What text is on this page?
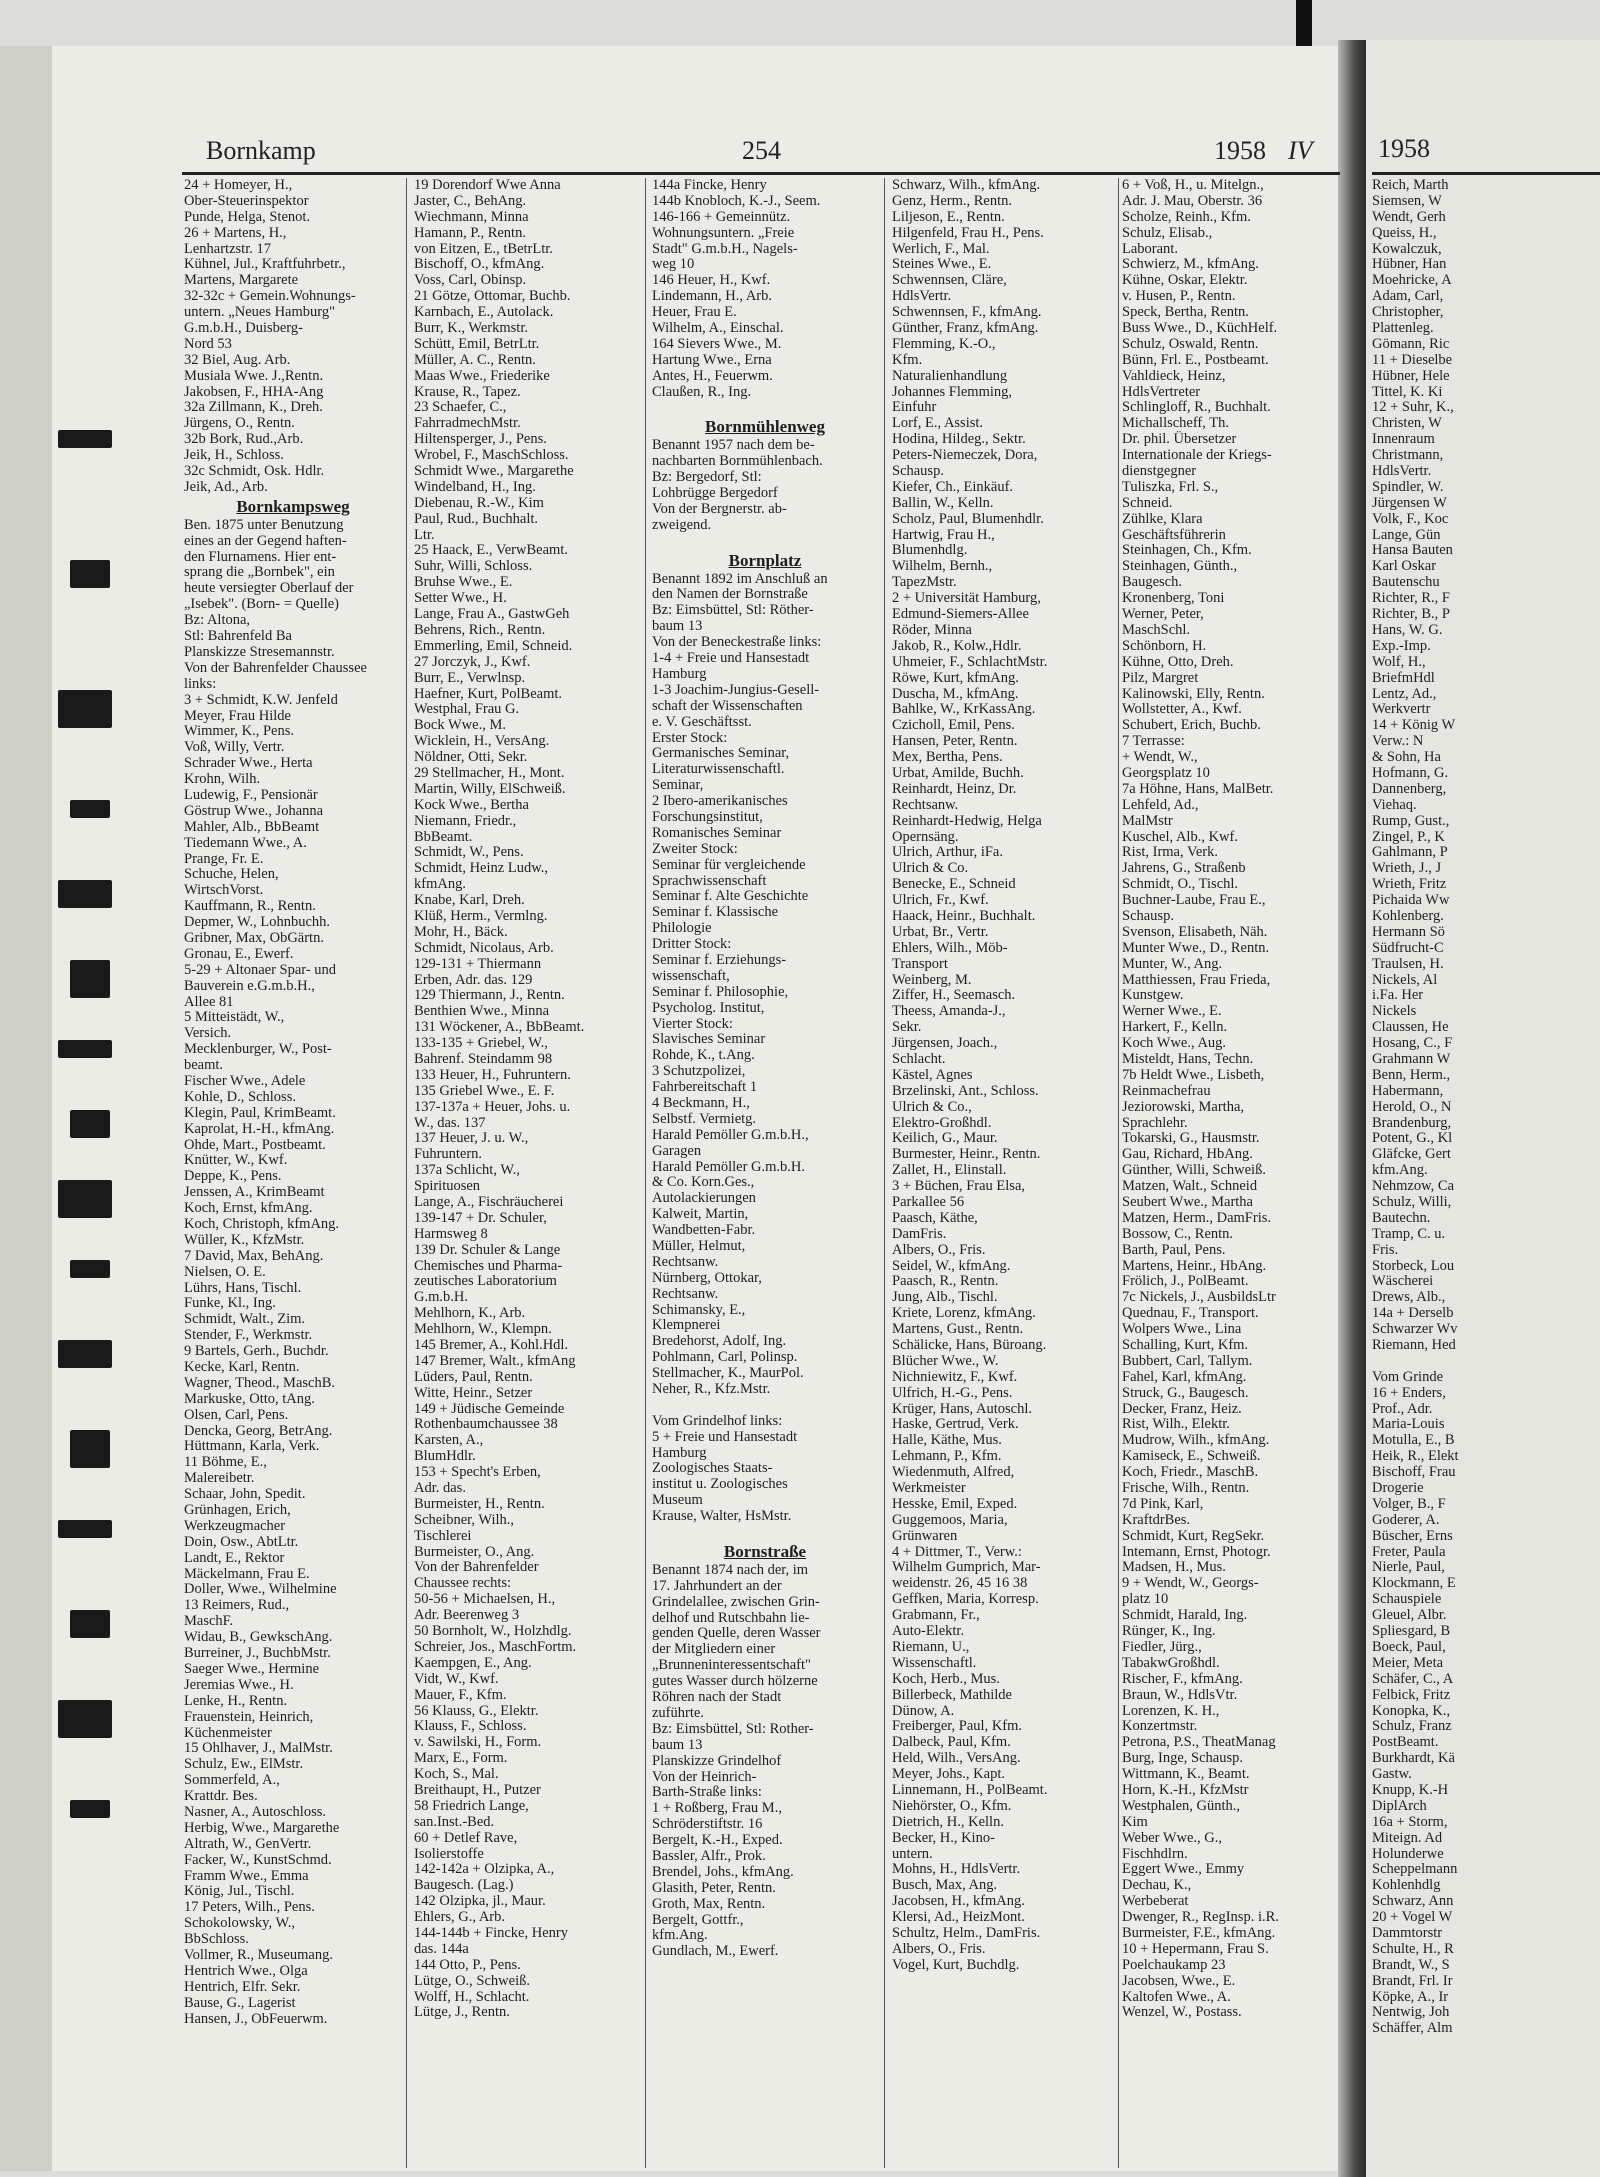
Bornkamp	254	1958 IV
24 + Homeyer, H.,
Ober-Steuerinspektor
Punde, Helga, Stenot.
26 + Martens, H.,
Lenhartzstr. 17
Kühnel, Jul., Kraftfuhrbetr.,
Martens, Margarete
32-32c + Gemein.Wohnungs-
untern. „Neues Hamburg"
G.m.b.H., Duisberg-
Nord 53
32 Biel, Aug. Arb.
Musiala Wwe. J.,Rentn.
Jakobsen, F., HHA-Ang
32a Zillmann, K., Dreh.
Jürgens, O., Rentn.
32b Bork, Rud.,Arb.
Jeik, H., Schloss.
32c Schmidt, Osk. Hdlr.
Jeik, Ad., Arb.
Bornkampsweg
Ben. 1875 unter Benutzung
eines an der Gegend haften-
den Flurnamens. Hier ent-
sprang die „Bornbek", ein
heute versiegter Oberlauf der
„Isebek". (Born- = Quelle)
Bz: Altona,
Stl: Bahrenfeld Ba
Planskizze Stresemannstr.
Von der Bahrenfelder Chaussee
links:
3 + Schmidt, K.W. Jenfeld
Meyer, Frau Hilde
Wimmer, K., Pens.
Voß, Willy, Vertr.
Schrader Wwe., Herta
Krohn, Wilh.
Ludewig, F., Pensionär
Göstrup Wwe., Johanna
Mahler, Alb., BbBeamt
Tiedemann Wwe., A.
Prange, Fr. E.
Schuche, Helen,
WirtschVorst.
Kauffmann, R., Rentn.
Depmer, W., Lohnbuchh.
Gribner, Max, ObGärtn.
Gronau, E., Ewerf.
5-29 + Altonaer Spar- und
Bauverein e.G.m.b.H.,
Allee 81
5 Mitteistädt, W.,
Versich.
Mecklenburger, W., Post-
beamt.
Fischer Wwe., Adele
Kohle, D., Schloss.
Klegin, Paul, KrimBeamt.
Kaprolat, H.-H., kfmAng.
Ohde, Mart., Postbeamt.
Knütter, W., Kwf.
Deppe, K., Pens.
Jenssen, A., KrimBeamt
Koch, Ernst, kfmAng.
Koch, Christoph, kfmAng.
Wüller, K., KfzMstr.
7 David, Max, BehAng.
Nielsen, O. E.
Lührs, Hans, Tischl.
Funke, Kl., Ing.
Schmidt, Walt., Zim.
Stender, F., Werkmstr.
9 Bartels, Gerh., Buchdr.
Kecke, Karl, Rentn.
Wagner, Theod., MaschB.
Markuske, Otto, tAng.
Olsen, Carl, Pens.
Dencka, Georg, BetrAng.
Hüttmann, Karla, Verk.
11 Böhme, E.,
Malereibetr.
Schaar, John, Spedit.
Grünhagen, Erich,
Werkzeugmacher
Doin, Osw., AbtLtr.
Landt, E., Rektor
Mäckelmann, Frau E.
Doller, Wwe., Wilhelmine
13 Reimers, Rud.,
MaschF.
Widau, B., GewkschAng.
Burreiner, J., BuchbMstr.
Saeger Wwe., Hermine
Jeremias Wwe., H.
Lenke, H., Rentn.
Frauenstein, Heinrich,
Küchenmeister
15 Ohlhaver, J., MalMstr.
Schulz, Ew., ElMstr.
Sommerfeld, A.,
Krattdr. Bes.
Nasner, A., Autoschloss.
Herbig, Wwe., Margarethe
Altrath, W., GenVertr.
Facker, W., KunstSchmd.
Framm Wwe., Emma
König, Jul., Tischl.
17 Peters, Wilh., Pens.
Schokolowsky, W.,
BbSchloss.
Vollmer, R., Museumang.
Hentrich Wwe., Olga
Hentrich, Elfr. Sekr.
Bause, G., Lagerist
Hansen, J., ObFeuerwm.
19 Dorendorf Wwe Anna
Jaster, C., BehAng.
Wiechmann, Minna
Hamann, P., Rentn.
von Eitzen, E., tBetrLtr.
Bischoff, O., kfmAng.
Voss, Carl, Obinsp.
21 Götze, Ottomar, Buchb.
Karnbach, E., Autolack.
Burr, K., Werkmstr.
Schütt, Emil, BetrLtr.
Müller, A. C., Rentn.
Maas Wwe., Friederike
Krause, R., Tapez.
23 Schaefer, C.,
FahrradmechMstr.
Hiltensperger, J., Pens.
Wrobel, F., MaschSchloss.
Schmidt Wwe., Margarethe
Windelband, H., Ing.
Diebenau, R.-W., Kim
Paul, Rud., Buchhalt.
Ltr.
25 Haack, E., VerwBeamt.
Suhr, Willi, Schloss.
Bruhse Wwe., E.
Setter Wwe., H.
Lange, Frau A., GastwGeh
Behrens, Rich., Rentn.
Emmerling, Emil, Schneid.
27 Jorczyk, J., Kwf.
Burr, E., Verwlnsp.
Haefner, Kurt, PolBeamt.
Westphal, Frau G.
Bock Wwe., M.
Wicklein, H., VersAng.
Nöldner, Otti, Sekr.
29 Stellmacher, H., Mont.
Martin, Willy, ElSchweiß.
Kock Wwe., Bertha
Niemann, Friedr.,
BbBeamt.
Schmidt, W., Pens.
Schmidt, Heinz Ludw.,
kfmAng.
Knabe, Karl, Dreh.
Klüß, Herm., Vermlng.
Mohr, H., Bäck.
Schmidt, Nicolaus, Arb.
129-131 + Thiermann
Erben, Adr. das. 129
129 Thiermann, J., Rentn.
Benthien Wwe., Minna
131 Wöckener, A., BbBeamt.
133-135 + Griebel, W.,
Bahrenf. Steindamm 98
133 Heuer, H., Fuhruntern.
135 Griebel Wwe., E. F.
137-137a + Heuer, Johs. u.
W., das. 137
137 Heuer, J. u. W.,
Fuhruntern.
137a Schlicht, W.,
Spirituosen
Lange, A., Fischräucherei
139-147 + Dr. Schuler,
Harmsweg 8
139 Dr. Schuler & Lange
Chemisches und Pharma-
zeutisches Laboratorium
G.m.b.H.
Mehlhorn, K., Arb.
Mehlhorn, W., Klempn.
145 Bremer, A., Kohl.Hdl.
147 Bremer, Walt., kfmAng
Lüders, Paul, Rentn.
Witte, Heinr., Setzer
149 + Jüdische Gemeinde
Rothenbaumchaussee 38
Karsten, A.,
BlumHdlr.
153 + Specht's Erben,
Adr. das.
Burmeister, H., Rentn.
Scheibner, Wilh.,
Tischlerei
Burmeister, O., Ang.
Von der Bahrenfelder
Chaussee rechts:
50-56 + Michaelsen, H.,
Adr. Beerenweg 3
50 Bornholt, W., Holzhdlg.
Schreier, Jos., MaschFortm.
Kaempgen, E., Ang.
Vidt, W., Kwf.
Mauer, F., Kfm.
56 Klauss, G., Elektr.
Klauss, F., Schloss.
v. Sawilski, H., Form.
Marx, E., Form.
Koch, S., Mal.
Breithaupt, H., Putzer
58 Friedrich Lange,
san.Inst.-Bed.
60 + Detlef Rave,
Isolierstoffe
142-142a + Olzipka, A.,
Baugesch. (Lag.)
142 Olzipka, jl., Maur.
Ehlers, G., Arb.
144-144b + Fincke, Henry
das. 144a
144 Otto, P., Pens.
Lütge, O., Schweiß.
Wolff, H., Schlacht.
Lütge, J., Rentn.
144a Fincke, Henry
144b Knobloch, K.-J., Seem.
146-166 + Gemeinnütz.
Wohnungsuntern. „Freie
Stadt" G.m.b.H., Nagels-
weg 10
146 Heuer, H., Kwf.
Lindemann, H., Arb.
Heuer, Frau E.
Wilhelm, A., Einschal.
164 Sievers Wwe., M.
Hartung Wwe., Erna
Antes, H., Feuerwm.
Claußen, R., Ing.
Bornmühlenweg
Benannt 1957 nach dem be-
nachbarten Bornmühlenbach.
Bz: Bergedorf, Stl:
Lohbrügge Bergedorf
Von der Bergnerstr. ab-
zweigend.
Bornplatz
Benannt 1892 im Anschluß an
den Namen der Bornstraße
Bz: Eimsbüttel, Stl: Röther-
baum 13
Von der Beneckestraße links:
1-4 + Freie und Hansestadt
Hamburg
1-3 Joachim-Jungius-Gesell-
schaft der Wissenschaften
e. V. Geschäftsst.
Erster Stock:
Germanisches Seminar,
Literaturwissenschaftl.
Seminar,
2 Ibero-amerikanisches
Forschungsinstitut,
Romanisches Seminar
Zweiter Stock:
Seminar für vergleichende
Sprachwissenschaft
Seminar f. Alte Geschichte
Seminar f. Klassische
Philologie
Dritter Stock:
Seminar f. Erziehungs-
wissenschaft,
Seminar f. Philosophie,
Psycholog. Institut,
Vierter Stock:
Slavisches Seminar
Rohde, K., t.Ang.
3 Schutzpolizei,
Fahrbereitschaft 1
4 Beckmann, H.,
Selbstf. Vermietg.
Harald Pemöller G.m.b.H.,
Garagen
Harald Pemöller G.m.b.H.
& Co. Korn.Ges.,
Autolackierungen
Kalweit, Martin,
Wandbetten-Fabr.
Müller, Helmut,
Rechtsanw.
Nürnberg, Ottokar,
Rechtsanw.
Schimansky, E.,
Klempnerei
Bredehorst, Adolf, Ing.
Pohlmann, Carl, Polinsp.
Stellmacher, K., MaurPol.
Neher, R., Kfz.Mstr.
Vom Grindelhof links:
5 + Freie und Hansestadt
Hamburg
Zoologisches Staats-
institut u. Zoologisches
Museum
Krause, Walter, HsMstr.
Bornstraße
Benannt 1874 nach der, im
17. Jahrhundert an der
Grindelallee, zwischen Grin-
delhof und Rutschbahn lie-
genden Quelle, deren Wasser
der Mitgliedern einer
„Brunneninteressentschaft"
gutes Wasser durch hölzerne
Röhren nach der Stadt
zuführte.
Bz: Eimsbüttel, Stl: Rother-
baum 13
Planskizze Grindelhof
Von der Heinrich-
Barth-Straße links:
1 + Roßberg, Frau M.,
Schröderstiftstr. 16
Bergelt, K.-H., Exped.
Bassler, Alfr., Prok.
Brendel, Johs., kfmAng.
Glasith, Peter, Rentn.
Groth, Max, Rentn.
Bergelt, Gottfr.,
kfm.Ang.
Gundlach, M., Ewerf.
Schwarz, Wilh., kfmAng.
Genz, Herm., Rentn.
Liljeson, E., Rentn.
Hilgenfeld, Frau H., Pens.
Werlich, F., Mal.
Steines Wwe., E.
Schwennsen, Cläre,
HdlsVertr.
Schwennsen, F., kfmAng.
Günther, Franz, kfmAng.
Flemming, K.-O.,
Kfm.
Naturalienhandlung
Johannes Flemming,
Einfuhr
Lorf, E., Assist.
Hodina, Hildeg., Sektr.
Peters-Niemeczek, Dora,
Schausp.
Kiefer, Ch., Einkäuf.
Ballin, W., Kelln.
Scholz, Paul, Blumenhdlr.
Hartwig, Frau H.,
Blumenhdlg.
Wilhelm, Bernh.,
TapezMstr.
2 + Universität Hamburg,
Edmund-Siemers-Allee
Röder, Minna
Jakob, R., Kolw.,Hdlr.
Uhmeier, F., SchlachtMstr.
Röwe, Kurt, kfmAng.
Duscha, M., kfmAng.
Bahlke, W., KrKassAng.
Czicholl, Emil, Pens.
Hansen, Peter, Rentn.
Mex, Bertha, Pens.
Urbat, Amilde, Buchh.
Reinhardt, Heinz, Dr.
Rechtsanw.
Reinhardt-Hedwig, Helga
Opernsäng.
Ulrich, Arthur, iFa.
Ulrich & Co.
Benecke, E., Schneid
Ulrich, Fr., Kwf.
Haack, Heinr., Buchhalt.
Urbat, Br., Vertr.
Ehlers, Wilh., Möb-
Transport
Weinberg, M.
Ziffer, H., Seemasch.
Theess, Amanda-J.,
Sekr.
Jürgensen, Joach.,
Schlacht.
Kästel, Agnes
Brzelinski, Ant., Schloss.
Ulrich & Co.,
Elektro-Großhdl.
Keilich, G., Maur.
Burmester, Heinr., Rentn.
Zallet, H., Elinstall.
3 + Büchen, Frau Elsa,
Parkallee 56
Paasch, Käthe,
DamFris.
Albers, O., Fris.
Seidel, W., kfmAng.
Paasch, R., Rentn.
Jung, Alb., Tischl.
Kriete, Lorenz, kfmAng.
Martens, Gust., Rentn.
Schälicke, Hans, Büroang.
Blücher Wwe., W.
Nichniewitz, F., Kwf.
Ulfrich, H.-G., Pens.
Krüger, Hans, Autoschl.
Haske, Gertrud, Verk.
Halle, Käthe, Mus.
Lehmann, P., Kfm.
Wiedenmuth, Alfred,
Werkmeister
Hesske, Emil, Exped.
Guggemoos, Maria,
Grünwaren
4 + Dittmer, T., Verw.:
Wilhelm Gumprich, Mar-
weidenstr. 26, 45 16 38
Geffken, Maria, Korresp.
Grabmann, Fr.,
Auto-Elektr.
Riemann, U.,
Wissenschaftl.
Koch, Herb., Mus.
Billerbeck, Mathilde
Dünow, A.
Freiberger, Paul, Kfm.
Dalbeck, Paul, Kfm.
Held, Wilh., VersAng.
Meyer, Johs., Kapt.
Linnemann, H., PolBeamt.
Niehörster, O., Kfm.
Dietrich, H., Kelln.
Becker, H., Kino-
untern.
Mohns, H., HdlsVertr.
Busch, Max, Ang.
Jacobsen, H., kfmAng.
Klersi, Ad., HeizMont.
Schultz, Helm., DamFris.
Albers, O., Fris.
Vogel, Kurt, Buchdlg.
6 + Voß, H., u. Mitelgn.,
Adr. J. Mau, Oberstr. 36
Scholze, Reinh., Kfm.
Schulz, Elisab.,
Laborant.
Schwierz, M., kfmAng.
Kühne, Oskar, Elektr.
v. Husen, P., Rentn.
Speck, Bertha, Rentn.
Buss Wwe., D., KüchHelf.
Schulz, Oswald, Rentn.
Bünn, Frl. E., Postbeamt.
Vahldieck, Heinz,
HdlsVertreter
Schlingloff, R., Buchhalt.
Michallscheff, Th.
Dr. phil. Übersetzer
Internationale der Kriegs-
dienstgegner
Tuliszka, Frl. S.,
Schneid.
Zühlke, Klara
Geschäftsführerin
Steinhagen, Ch., Kfm.
Steinhagen, Günth.,
Baugesch.
Kronenberg, Toni
Werner, Peter,
MaschSchl.
Schönborn, H.
Kühne, Otto, Dreh.
Pilz, Margret
Kalinowski, Elly, Rentn.
Wollstetter, A., Kwf.
Schubert, Erich, Buchb.
7 Terrasse:
+ Wendt, W.,
Georgsplatz 10
7a Höhne, Hans, MalBetr.
Lehfeld, Ad.,
MalMstr
Kuschel, Alb., Kwf.
Rist, Irma, Verk.
Jahrens, G., Straßenb
Schmidt, O., Tischl.
Buchner-Laube, Frau E.,
Schausp.
Svenson, Elisabeth, Näh.
Munter Wwe., D., Rentn.
Munter, W., Ang.
Matthiessen, Frau Frieda,
Kunstgew.
Werner Wwe., E.
Harkert, F., Kelln.
Koch Wwe., Aug.
Misteldt, Hans, Techn.
7b Heldt Wwe., Lisbeth,
Reinmachefrau
Jeziorowski, Martha,
Sprachlehr.
Tokarski, G., Hausmstr.
Gau, Richard, HbAng.
Günther, Willi, Schweiß.
Matzen, Walt., Schneid
Seubert Wwe., Martha
Matzen, Herm., DamFris.
Bossow, C., Rentn.
Barth, Paul, Pens.
Martens, Heinr., HbAng.
Frölich, J., PolBeamt.
7c Nickels, J., AusbildsLtr
Quednau, F., Transport.
Wolpers Wwe., Lina
Schalling, Kurt, Kfm.
Bubbert, Carl, Tallym.
Fahel, Karl, kfmAng.
Struck, G., Baugesch.
Decker, Franz, Heiz.
Rist, Wilh., Elektr.
Mudrow, Wilh., kfmAng.
Kamiseck, E., Schweiß.
Koch, Friedr., MaschB.
Frische, Wilh., Rentn.
7d Pink, Karl,
KraftdrBes.
Schmidt, Kurt, RegSekr.
Intemann, Ernst, Photogr.
Madsen, H., Mus.
9 + Wendt, W., Georgs-
platz 10
Schmidt, Harald, Ing.
Rünger, K., Ing.
Fiedler, Jürg.,
TabakwGroßhdl.
Rischer, F., kfmAng.
Braun, W., HdlsVtr.
Lorenzen, K. H.,
Konzertmstr.
Petrona, P.S., TheatManag
Burg, Inge, Schausp.
Wittmann, K., Beamt.
Horn, K.-H., KfzMstr
Westphalen, Günth.,
Kim
Weber Wwe., G.,
Fischhdlrn.
Eggert Wwe., Emmy
Dechau, K.,
Werbeberat
Dwenger, R., RegInsp. i.R.
Burmeister, F.E., kfmAng.
10 + Hepermann, Frau S.
Poelchaukamp 23
Jacobsen, Wwe., E.
Kaltofen Wwe., A.
Wenzel, W., Postass.
1958
Reich, Marth
Siemsen, W
Wendt, Gerh
Queiss, H.,
Kowalczuk,
Hübner, Han
Moehricke, A
Adam, Carl,
Christopher,
Plattenleg.
Gömann, Ric
11 + Dieselbe
Hübner, Hele
Tittel, K. Ki
12 + Suhr, K.,
Christen, W
Innenraum
Christmann,
HdlsVertr.
Spindler, W.
Jürgensen W
Volk, F., Koc
Lange, Gün
Hansa Bauten
Karl Oskar
Bautenschu
Richter, R., F
Richter, B., P
Hans, W. G.
Exp.-Imp.
Wolf, H.,
BriefmHdl
Lentz, Ad.,
Werkvertr
14 + König W
Verw.: N
& Sohn, Ha
Hofmann, G.
Dannenberg,
Viehaq.
Rump, Gust.,
Zingel, P., K
Gahlmann, P
Wrieth, J., J
Wrieth, Fritz
Pichaida Ww
Kohlenberg.
Hermann Sö
Südfrucht-C
Traulsen, H.
Nickels, Al
i.Fa. Her
Nickels
Claussen, He
Hosang, C., F
Grahmann W
Benn, Herm.,
Habermann,
Herold, O., N
Brandenburg,
Potent, G., Kl
Gläfcke, Gert
kfm.Ang.
Nehmzow, Ca
Schulz, Willi,
Bautechn.
Tramp, C. u.
Fris.
Storbeck, Lou
Wäscherei
Drews, Alb.,
14a + Derselb
Schwarzer Wv
Riemann, Hed
Vom Grinde
16 + Enders,
Prof., Adr.
Maria-Louis
Motulla, E., B
Heik, R., Elekt
Bischoff, Frau
Drogerie
Volger, B., F
Goderer, A.
Büscher, Erns
Freter, Paula
Nierle, Paul,
Klockmann, E
Schauspiele
Gleuel, Albr.
Spliesgard, B
Boeck, Paul,
Meier, Meta
Schäfer, C., A
Felbick, Fritz
Konopka, K.,
Schulz, Franz
PostBeamt.
Burkhardt, Kä
Gastw.
Knupp, K.-H
DiplArch
16a + Storm,
Miteign. Ad
Holunderwe
Scheppelmann
Kohlenhdlg
Schwarz, Ann
20 + Vogel W
Dammtorstr
Schulte, H., R
Brandt, W., S
Brandt, Frl. Ir
Köpke, A., Ir
Nentwig, Joh
Schäffer, Alm
